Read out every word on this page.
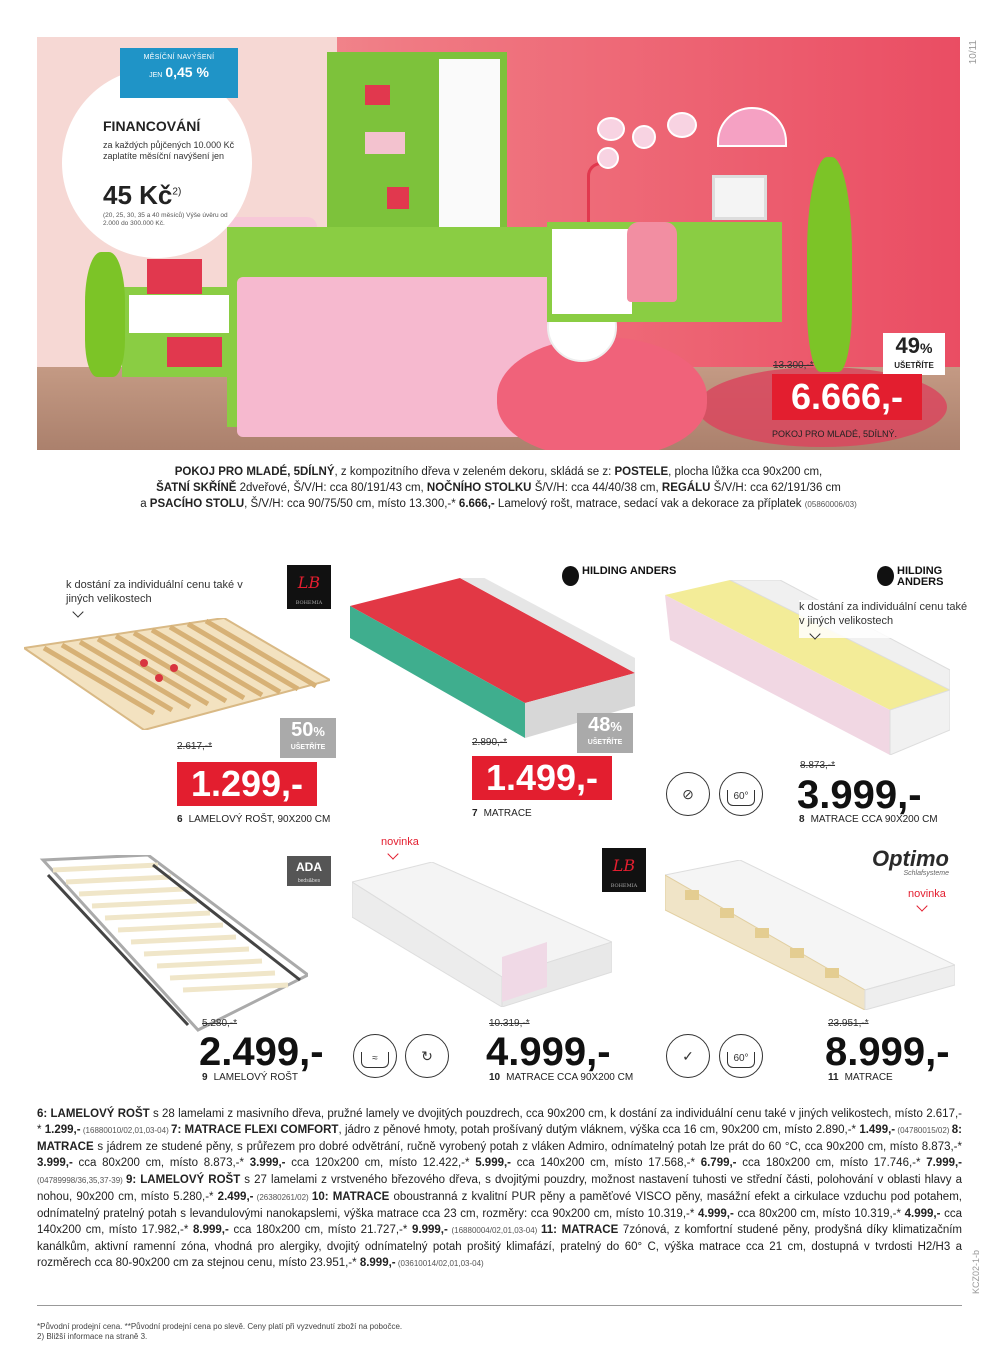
10/11
KCZ02-1-b
MĚSÍČNÍ NAVÝŠENÍ
JEN 0,45 %
FINANCOVÁNÍ
za každých půjčených 10.000 Kč zaplatíte měsíční navýšení jen
45 $Kč^{2)}$
(20, 25, 30, 35 a 40 měsíců) Výše úvěru od 2.000 do 300.000 Kč.
49%
UŠETŘÍTE
13.300,-*
6.666,-
POKOJ PRO MLADÉ, 5DÍLNÝ.
POKOJ PRO MLADÉ, 5DÍLNÝ, z kompozitního dřeva v zeleném dekoru, skládá se z: POSTELE, plocha lůžka cca 90x200 cm,
ŠATNÍ SKŘÍNĚ 2dveřové, Š/V/H: cca 80/191/43 cm, NOČNÍHO STOLKU Š/V/H: cca 44/40/38 cm, REGÁLU Š/V/H: cca 62/191/36 cm
a PSACÍHO STOLU, Š/V/H: cca 90/75/50 cm, místo 13.300,-* 6.666,- Lamelový rošt, matrace, sedací vak a dekorace za příplatek (05860006/03)
k dostání za individuální cenu také v jiných velikostech
LB
BOHEMIA
50%
UŠETŘÍTE
2.617,-*
1.299,-
6 LAMELOVÝ ROŠT, 90X200 CM
HILDING ANDERS
48%
UŠETŘÍTE
2.890,-*
1.499,-
7 MATRACE
HILDING ANDERS
k dostání za individuální cenu také v jiných velikostech
⊘	60°
8.873,-*
3.999,-
8 MATRACE CCA 90X200 CM
ADA
beds&bes
5.280,-*
2.499,-	≈	↻
9 LAMELOVÝ ROŠT
novinka
LB
BOHEMIA
10.319,-*
4.999,-
10 MATRACE CCA 90X200 CM
Optimo
Schlafsysteme
novinka
✓	60°
23.951,-*
8.999,-
11 MATRACE
6: LAMELOVÝ ROŠT s 28 lamelami z masivního dřeva, pružné lamely ve dvojitých pouzdrech, cca 90x200 cm, k dostání za individuální cenu také v jiných velikostech, místo 2.617,-* 1.299,- (16880010/02,01,03-04) 7: MATRACE FLEXI COMFORT, jádro z pěnové hmoty, potah prošívaný dutým vláknem, výška cca 16 cm, 90x200 cm, místo 2.890,-* 1.499,- (04780015/02) 8: MATRACE s jádrem ze studené pěny, s průřezem pro dobré odvětrání, ručně vyrobený potah z vláken Admiro, odnímatelný potah lze prát do 60 °C, cca 90x200 cm, místo 8.873,-* 3.999,- cca 80x200 cm, místo 8.873,-* 3.999,- cca 120x200 cm, místo 12.422,-* 5.999,- cca 140x200 cm, místo 17.568,-* 6.799,- cca 180x200 cm, místo 17.746,-* 7.999,- (04789998/36,35,37-39) 9: LAMELOVÝ ROŠT s 27 lamelami z vrstveného březového dřeva, s dvojitými pouzdry, možnost nastavení tuhosti ve střední části, polohování v oblasti hlavy a nohou, 90x200 cm, místo 5.280,-* 2.499,- (26380261/02) 10: MATRACE oboustranná z kvalitní PUR pěny a paměťové VISCO pěny, masážní efekt a cirkulace vzduchu pod potahem, odnímatelný pratelný potah s levandulovými nanokapslemi, výška matrace cca 23 cm, rozměry: cca 90x200 cm, místo 10.319,-* 4.999,- cca 80x200 cm, místo 10.319,-* 4.999,- cca 140x200 cm, místo 17.982,-* 8.999,- cca 180x200 cm, místo 21.727,-* 9.999,- (16880004/02,01,03-04) 11: MATRACE 7zónová, z komfortní studené pěny, prodyšná díky klimatizačním kanálkům, aktivní ramenní zóna, vhodná pro alergiky, dvojitý odnímatelný potah prošitý klimafází, pratelný do 60° C, výška matrace cca 21 cm, dostupná v tvrdosti H2/H3 a rozměrech cca 80-90x200 cm za stejnou cenu, místo 23.951,-* 8.999,- (03610014/02,01,03-04)
*Původní prodejní cena. **Původní prodejní cena po slevě. Ceny platí při vyzvednutí zboží na pobočce.
2) Bližší informace na straně 3.
